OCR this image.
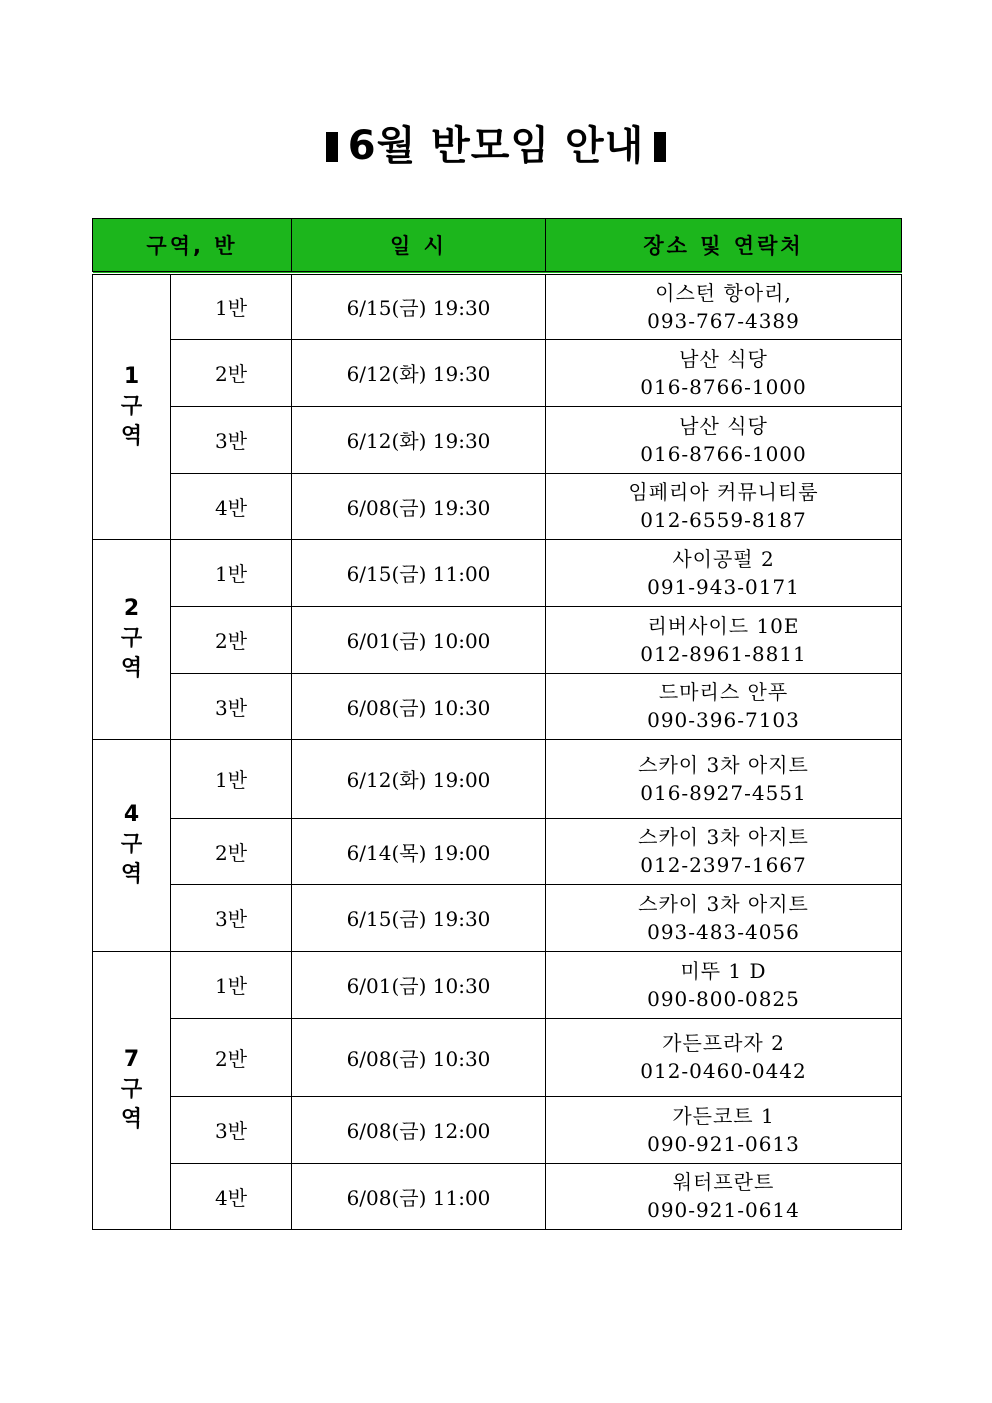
6월 반모임 안내
구역, 반		일 시	장소 및 연락처

1
구
역	1반	6/15(금) 19:30	이스턴 항아리,
093-767-4389

	2반	6/12(화) 19:30	남산 식당
016-8766-1000

	3반	6/12(화) 19:30	남산 식당
016-8766-1000

	4반	6/08(금) 19:30	임페리아 커뮤니티룸
012-6559-8187

2
구
역	1반	6/15(금) 11:00	사이공펄 2
091-943-0171

	2반	6/01(금) 10:00	리버사이드 10E
012-8961-8811

	3반	6/08(금) 10:30	드마리스 안푸
090-396-7103

4
구
역	1반	6/12(화) 19:00	스카이 3차 아지트
016-8927-4551

	2반	6/14(목) 19:00	스카이 3차 아지트
012-2397-1667

	3반	6/15(금) 19:30	스카이 3차 아지트
093-483-4056

7
구
역	1반	6/01(금) 10:30	미뚜 1 D
090-800-0825

	2반	6/08(금) 10:30	가든프라자 2
012-0460-0442

	3반	6/08(금) 12:00	가든코트 1
090-921-0613

	4반	6/08(금) 11:00	워터프란트
090-921-0614
